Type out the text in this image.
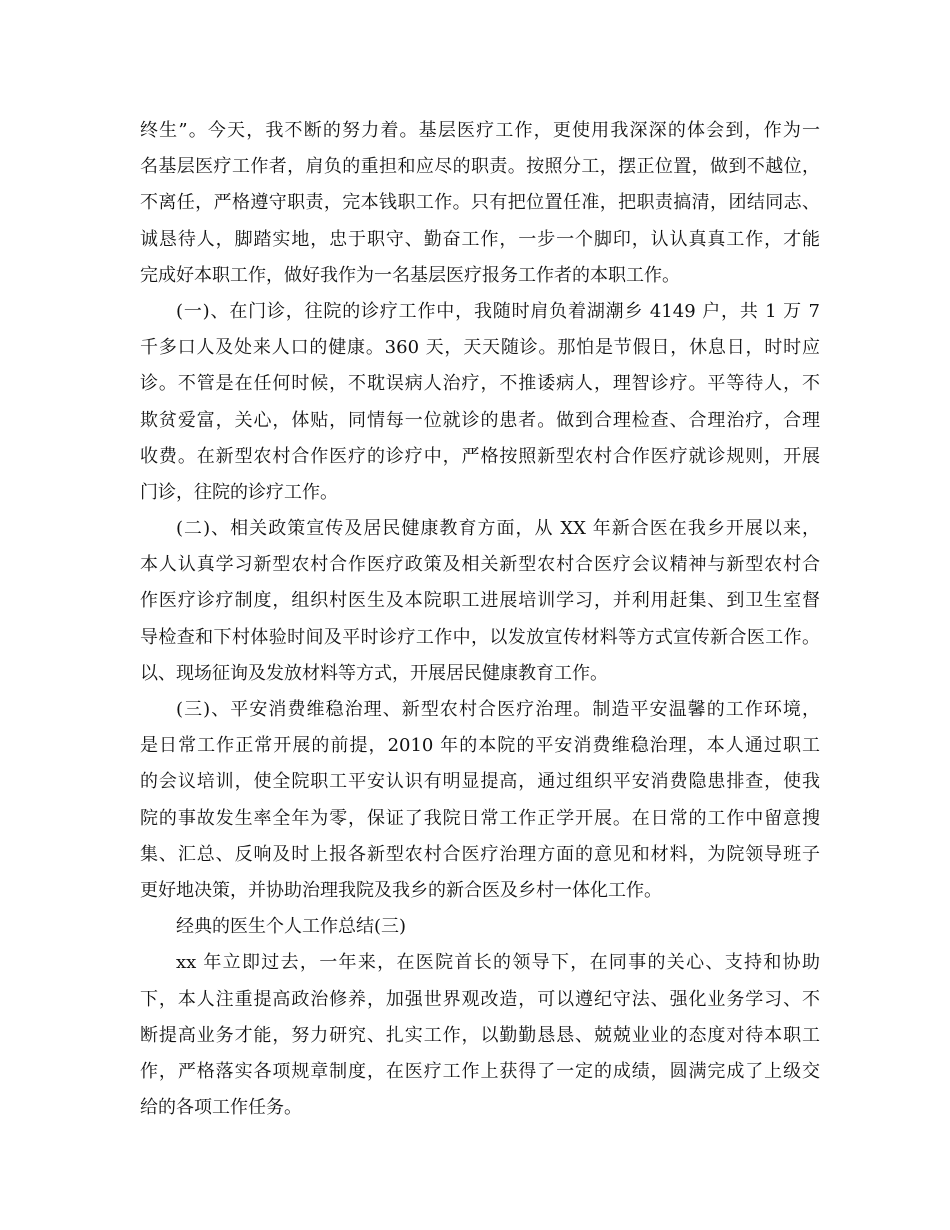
终生”。今天，我不断的努力着。基层医疗工作，更使用我深深的体会到，作为一
名基层医疗工作者，肩负的重担和应尽的职责。按照分工，摆正位置，做到不越位，
不离任，严格遵守职责，完本钱职工作。只有把位置任准，把职责搞清，团结同志、
诚恳待人，脚踏实地，忠于职守、勤奋工作，一步一个脚印，认认真真工作，才能
完成好本职工作，做好我作为一名基层医疗报务工作者的本职工作。
(一)、在门诊，往院的诊疗工作中，我随时肩负着湖潮乡 4149 户，共 1 万 7
千多口人及处来人口的健康。360 天，天天随诊。那怕是节假日，休息日，时时应
诊。不管是在任何时候，不耽误病人治疗，不推诿病人，理智诊疗。平等待人，不
欺贫爱富，关心，体贴，同情每一位就诊的患者。做到合理检查、合理治疗，合理
收费。在新型农村合作医疗的诊疗中，严格按照新型农村合作医疗就诊规则，开展
门诊，往院的诊疗工作。
(二)、相关政策宣传及居民健康教育方面，从 XX 年新合医在我乡开展以来，
本人认真学习新型农村合作医疗政策及相关新型农村合医疗会议精神与新型农村合
作医疗诊疗制度，组织村医生及本院职工进展培训学习，并利用赶集、到卫生室督
导检查和下村体验时间及平时诊疗工作中，以发放宣传材料等方式宣传新合医工作。
以、现场征询及发放材料等方式，开展居民健康教育工作。
(三)、平安消费维稳治理、新型农村合医疗治理。制造平安温馨的工作环境，
是日常工作正常开展的前提，2010 年的本院的平安消费维稳治理，本人通过职工
的会议培训，使全院职工平安认识有明显提高，通过组织平安消费隐患排查，使我
院的事故发生率全年为零，保证了我院日常工作正学开展。在日常的工作中留意搜
集、汇总、反响及时上报各新型农村合医疗治理方面的意见和材料，为院领导班子
更好地决策，并协助治理我院及我乡的新合医及乡村一体化工作。
经典的医生个人工作总结(三)
xx 年立即过去，一年来，在医院首长的领导下，在同事的关心、支持和协助
下，本人注重提高政治修养，加强世界观改造，可以遵纪守法、强化业务学习、不
断提高业务才能，努力研究、扎实工作，以勤勤恳恳、兢兢业业的态度对待本职工
作，严格落实各项规章制度，在医疗工作上获得了一定的成绩，圆满完成了上级交
给的各项工作任务。
